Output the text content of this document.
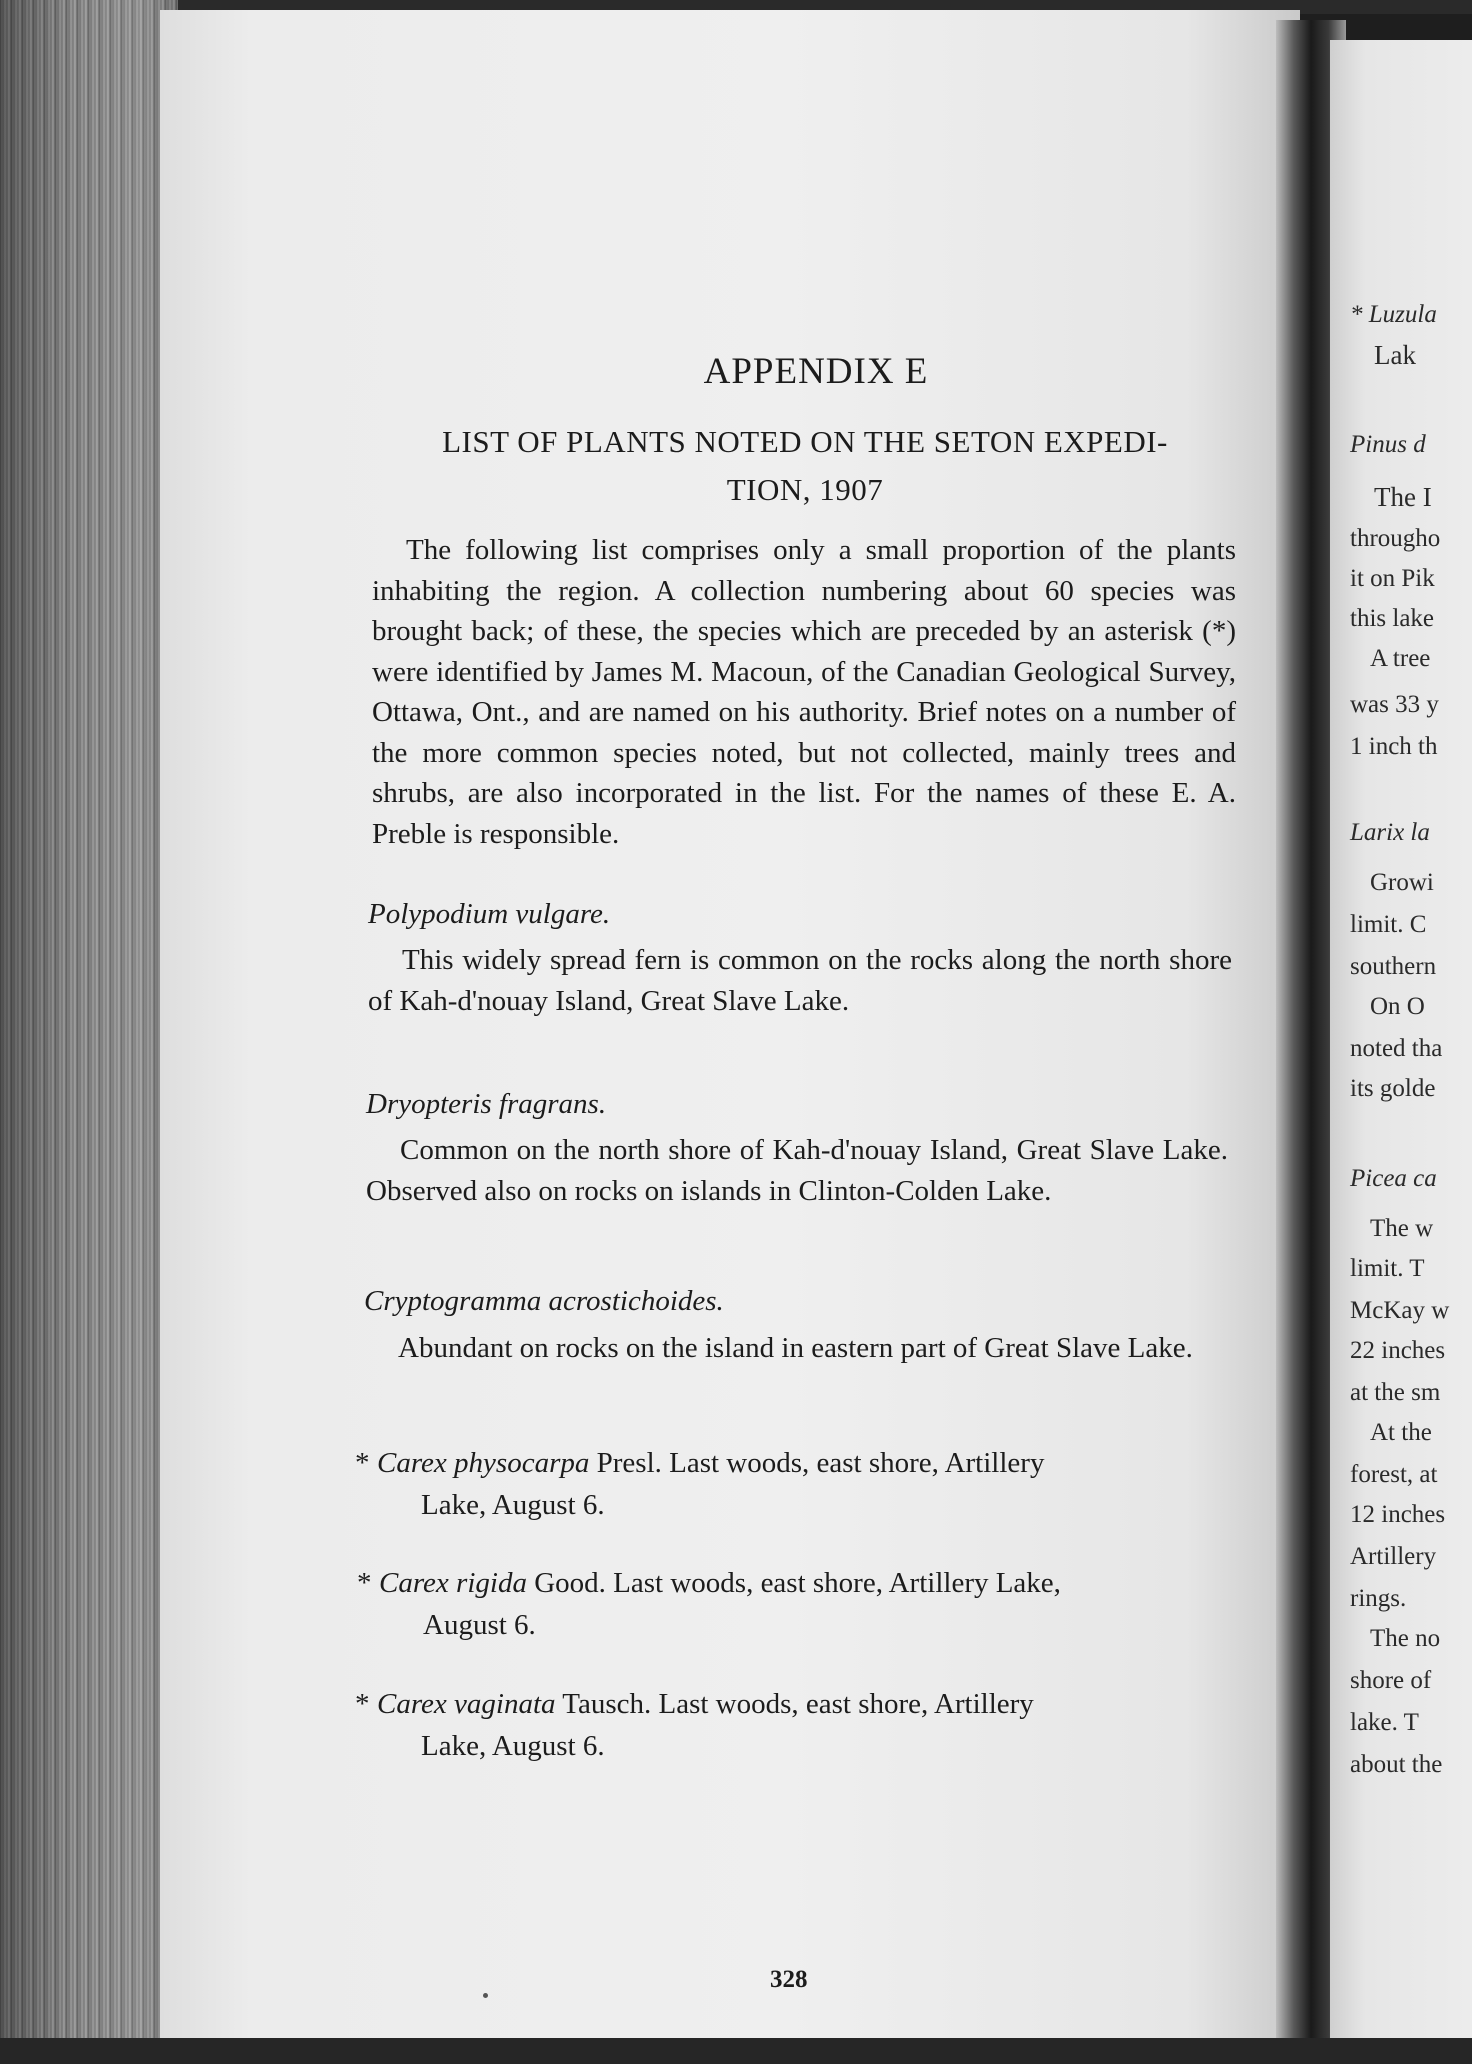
* Luzula
Lak
Pinus d
The I
througho
it on Pik
this lake
A tree
was 33 y
1 inch th
Larix la
Growi
limit. C
southern
On O
noted tha
its golde
Picea ca
The w
limit. T
McKay w
22 inches
at the sm
At the
forest, at
12 inches
Artillery
rings.
The no
shore of
lake. T
about the
APPENDIX E
LIST OF PLANTS NOTED ON THE SETON EXPEDI-
TION, 1907
The following list comprises only a small proportion of the plants inhabiting the region. A collection numbering about 60 species was brought back; of these, the species which are preceded by an asterisk (*) were identified by James M. Macoun, of the Canadian Geological Survey, Ottawa, Ont., and are named on his authority. Brief notes on a number of the more common species noted, but not collected, mainly trees and shrubs, are also incorporated in the list. For the names of these E. A. Preble is responsible.
Polypodium vulgare.
This widely spread fern is common on the rocks along the north shore of Kah-d'nouay Island, Great Slave Lake.
Dryopteris fragrans.
Common on the north shore of Kah-d'nouay Island, Great Slave Lake. Observed also on rocks on islands in Clinton-Colden Lake.
Cryptogramma acrostichoides.
Abundant on rocks on the island in eastern part of Great Slave Lake.
* Carex physocarpa Presl. Last woods, east shore, Artillery
Lake, August 6.
* Carex rigida Good. Last woods, east shore, Artillery Lake,
August 6.
* Carex vaginata Tausch. Last woods, east shore, Artillery
Lake, August 6.
328
